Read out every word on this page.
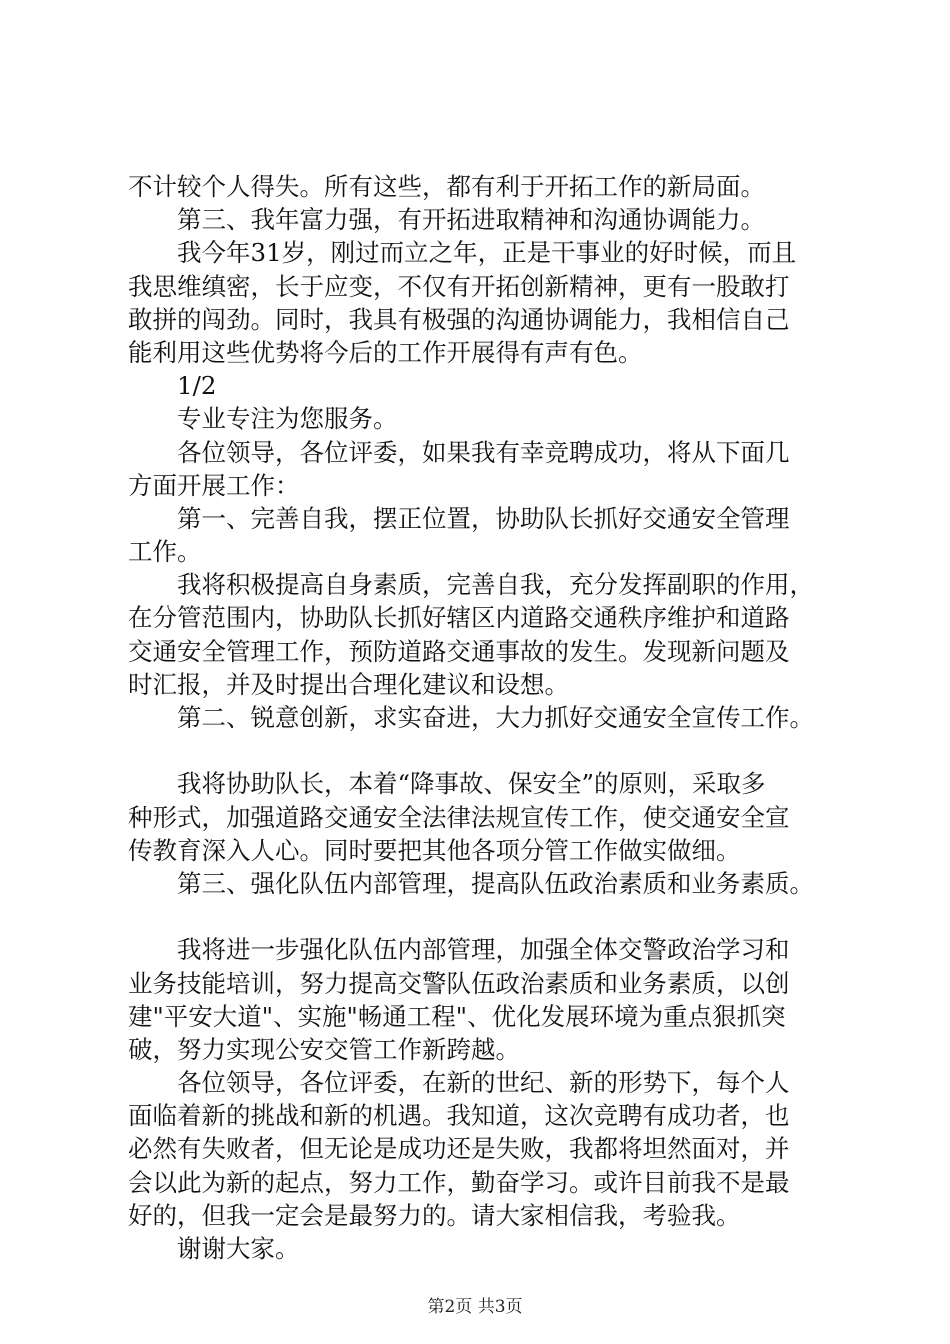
不计较个人得失。所有这些，都有利于开拓工作的新局面。
　　第三、我年富力强，有开拓进取精神和沟通协调能力。
　　我今年31岁，刚过而立之年，正是干事业的好时候，而且
我思维缜密，长于应变，不仅有开拓创新精神，更有一股敢打
敢拼的闯劲。同时，我具有极强的沟通协调能力，我相信自己
能利用这些优势将今后的工作开展得有声有色。
　　1/2
　　专业专注为您服务。
　　各位领导，各位评委，如果我有幸竞聘成功，将从下面几
方面开展工作：
　　第一、完善自我，摆正位置，协助队长抓好交通安全管理
工作。
　　我将积极提高自身素质，完善自我，充分发挥副职的作用，
在分管范围内，协助队长抓好辖区内道路交通秩序维护和道路
交通安全管理工作，预防道路交通事故的发生。发现新问题及
时汇报，并及时提出合理化建议和设想。
　　第二、锐意创新，求实奋进，大力抓好交通安全宣传工作。
　　我将协助队长，本着“降事故、保安全”的原则，采取多
种形式，加强道路交通安全法律法规宣传工作，使交通安全宣
传教育深入人心。同时要把其他各项分管工作做实做细。
　　第三、强化队伍内部管理，提高队伍政治素质和业务素质。
　　我将进一步强化队伍内部管理，加强全体交警政治学习和
业务技能培训，努力提高交警队伍政治素质和业务素质，以创
建"平安大道"、实施"畅通工程"、优化发展环境为重点狠抓突
破，努力实现公安交管工作新跨越。
　　各位领导，各位评委，在新的世纪、新的形势下，每个人
面临着新的挑战和新的机遇。我知道，这次竞聘有成功者，也
必然有失败者，但无论是成功还是失败，我都将坦然面对，并
会以此为新的起点，努力工作，勤奋学习。或许目前我不是最
好的，但我一定会是最努力的。请大家相信我，考验我。
　　谢谢大家。
第2页 共3页
